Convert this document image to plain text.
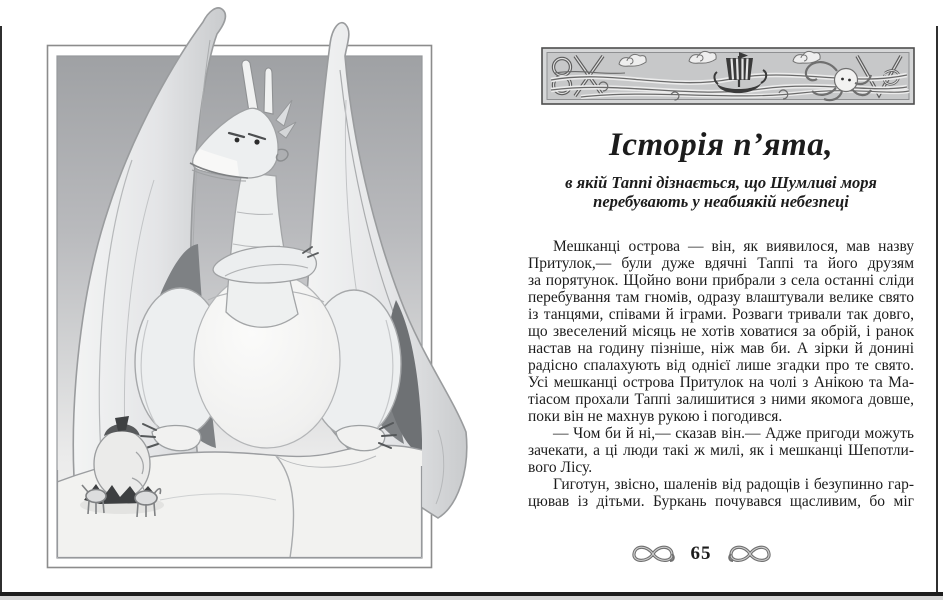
Історія п’ята,
в якій Таппі дізнається, що Шумливі моря
перебувають у неабиякій небезпеці
Мешканці острова — він, як виявилося, мав назву
Притулок,— були дуже вдячні Таппі та його друзям
за порятунок. Щойно вони прибрали з села останні сліди
перебування там гномів, одразу влаштували велике свято
із танцями, співами й іграми. Розваги тривали так довго,
що звеселений місяць не хотів ховатися за обрій, і ранок
настав на годину пізніше, ніж мав би. А зірки й донині
радісно спалахують від однієї лише згадки про те свято.
Усі мешканці острова Притулок на чолі з Анікою та Ма-
тіасом прохали Таппі залишитися з ними якомога довше,
поки він не махнув рукою і погодився.
— Чом би й ні,— сказав він.— Адже пригоди можуть
зачекати, а ці люди такі ж милі, як і мешканці Шепотли-
вого Лісу.
Гиготун, звісно, шаленів від радощів і безупинно гар-
цював із дітьми. Буркань почувався щасливим, бо міг
65
